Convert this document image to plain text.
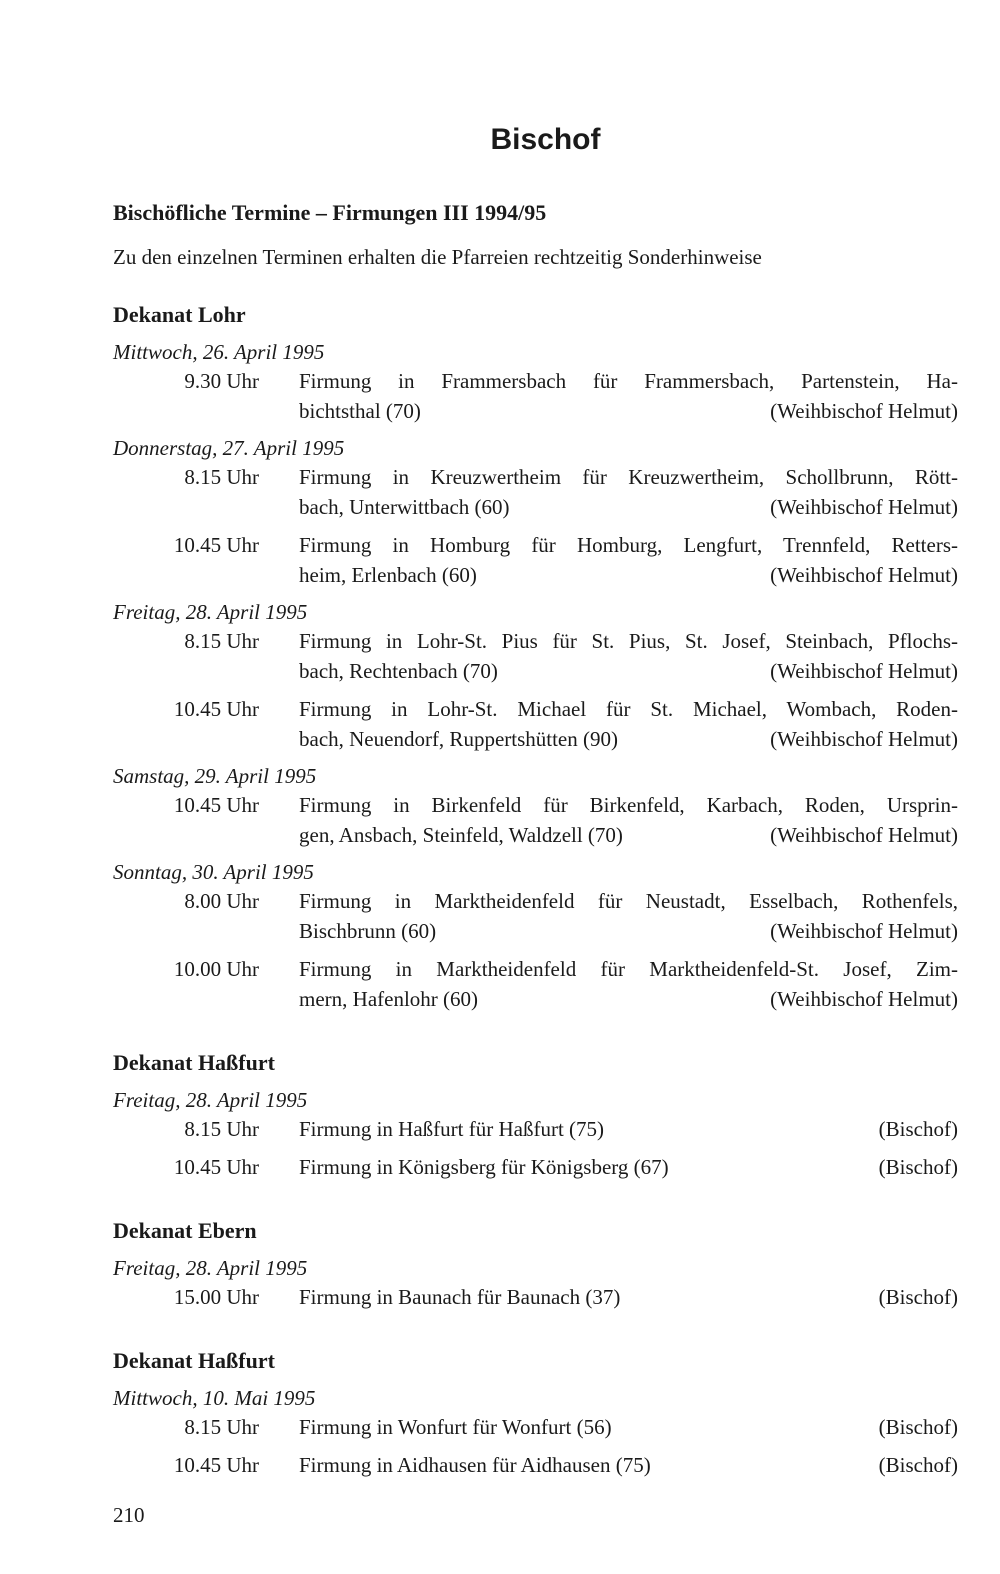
Bischof
Bischöfliche Termine – Firmungen III 1994/95
Zu den einzelnen Terminen erhalten die Pfarreien rechtzeitig Sonderhinweise
Dekanat Lohr
Mittwoch, 26. April 1995
9.30 Uhr Firmung in Frammersbach für Frammersbach, Partenstein, Ha-
bichtsthal (70)	(Weihbischof Helmut)
Donnerstag, 27. April 1995
8.15 Uhr Firmung in Kreuzwertheim für Kreuzwertheim, Schollbrunn, Rött-
bach, Unterwittbach (60)	(Weihbischof Helmut)
10.45 Uhr Firmung in Homburg für Homburg, Lengfurt, Trennfeld, Retters-
heim, Erlenbach (60)	(Weihbischof Helmut)
Freitag, 28. April 1995
8.15 Uhr Firmung in Lohr-St. Pius für St. Pius, St. Josef, Steinbach, Pflochs-
bach, Rechtenbach (70)	(Weihbischof Helmut)
10.45 Uhr Firmung in Lohr-St. Michael für St. Michael, Wombach, Roden-
bach, Neuendorf, Ruppertshütten (90)	(Weihbischof Helmut)
Samstag, 29. April 1995
10.45 Uhr Firmung in Birkenfeld für Birkenfeld, Karbach, Roden, Ursprin-
gen, Ansbach, Steinfeld, Waldzell (70)	(Weihbischof Helmut)
Sonntag, 30. April 1995
8.00 Uhr Firmung in Marktheidenfeld für Neustadt, Esselbach, Rothenfels,
Bischbrunn (60)	(Weihbischof Helmut)
10.00 Uhr Firmung in Marktheidenfeld für Marktheidenfeld-St. Josef, Zim-
mern, Hafenlohr (60)	(Weihbischof Helmut)
Dekanat Haßfurt
Freitag, 28. April 1995
8.15 Uhr Firmung in Haßfurt für Haßfurt (75)	(Bischof)
10.45 Uhr Firmung in Königsberg für Königsberg (67)	(Bischof)
Dekanat Ebern
Freitag, 28. April 1995
15.00 Uhr Firmung in Baunach für Baunach (37)	(Bischof)
Dekanat Haßfurt
Mittwoch, 10. Mai 1995
8.15 Uhr Firmung in Wonfurt für Wonfurt (56)	(Bischof)
10.45 Uhr Firmung in Aidhausen für Aidhausen (75)	(Bischof)
210
